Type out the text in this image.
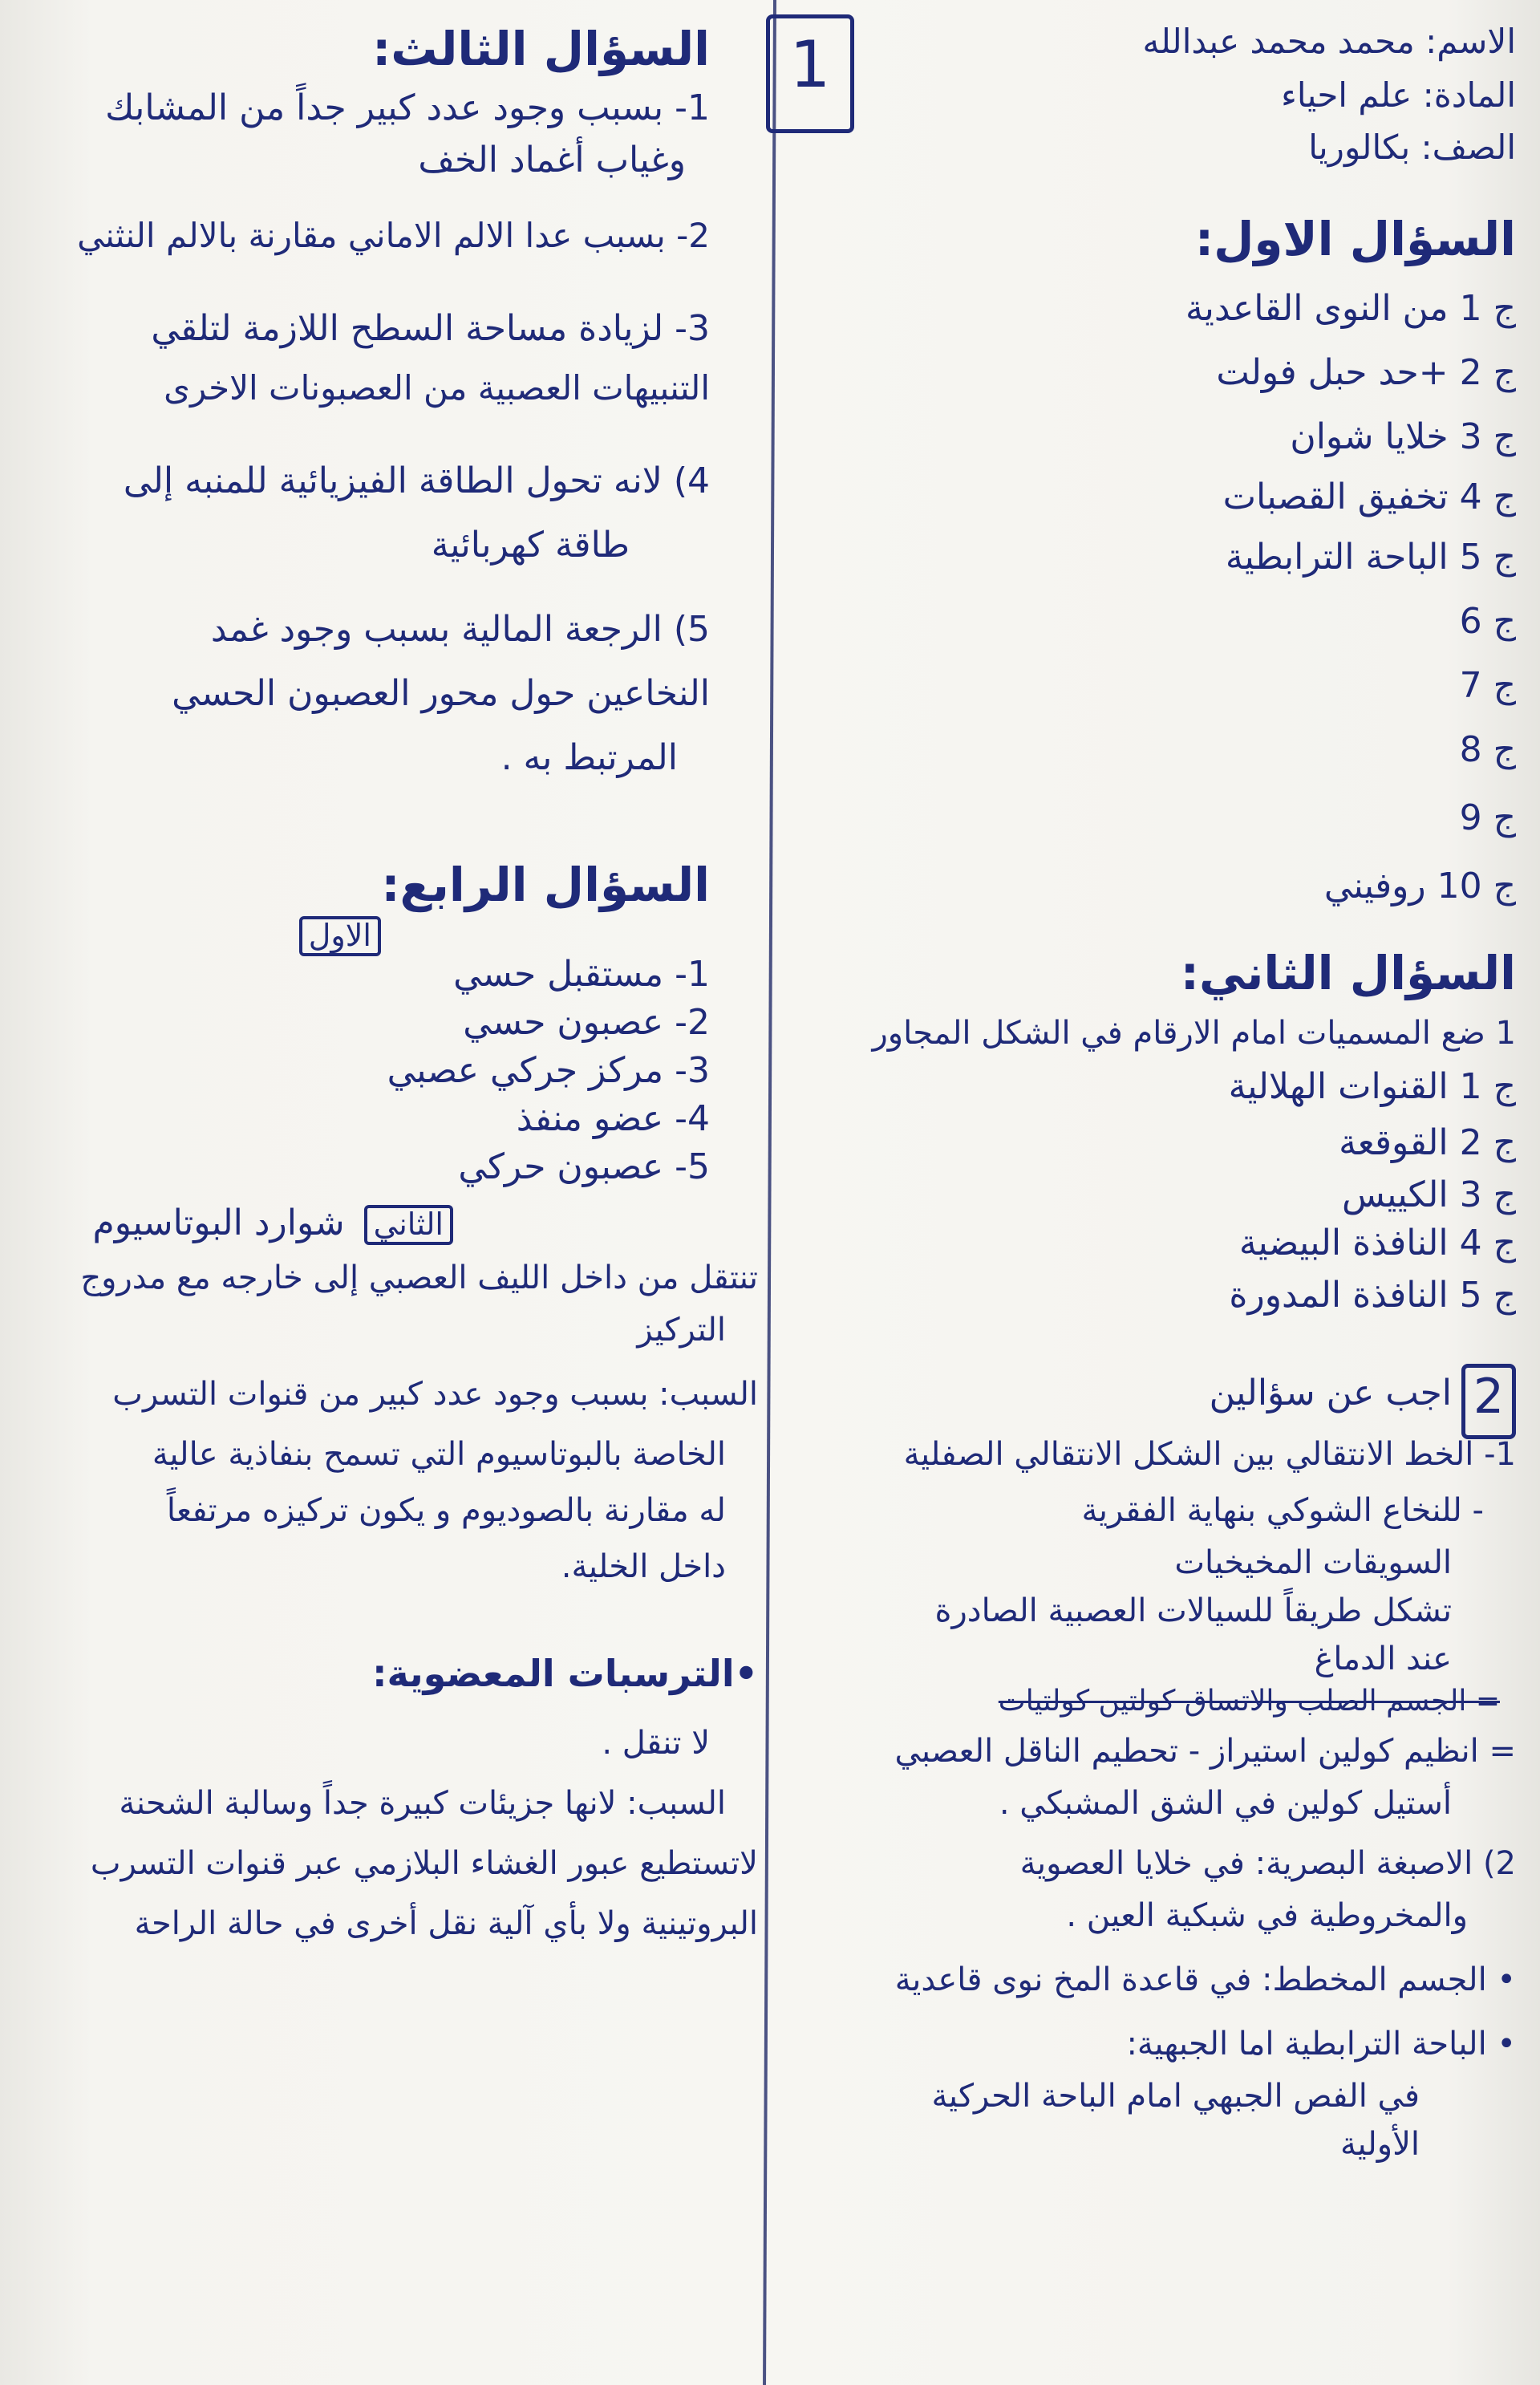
1	الاسم: محمد محمد عبدالله
المادة: علم احياء
الصف: بكالوريا
السؤال الاول:
ج 1 من النوى القاعدية
ج 2 +حد حبل فولت
ج 3 خلايا شوان
ج 4 تخفيق القصبات
ج 5 الباحة الترابطية
ج 6
ج 7
ج 8
ج 9
ج 10 روفيني
السؤال الثاني:
1 ضع المسميات امام الارقام في الشكل المجاور
ج 1 القنوات الهلالية
ج 2 القوقعة
ج 3 الكييس
ج 4 النافذة البيضية
ج 5 النافذة المدورة
2
اجب عن سؤالين
1- الخط الانتقالي بين الشكل الانتقالي الصفلية
- للنخاع الشوكي بنهاية الفقرية
السويقات المخيخيات
تشكل طريقاً للسيالات العصبية الصادرة
عند الدماغ
= الجسم الصلب والاتساق كولتين كولتيات
= انظيم كولين استيراز - تحطيم الناقل العصبي
أستيل كولين في الشق المشبكي .
2) الاصبغة البصرية: في خلايا العصوية
والمخروطية في شبكية العين .
• الجسم المخطط: في قاعدة المخ نوى قاعدية
• الباحة الترابطية اما الجبهية:
في الفص الجبهي امام الباحة الحركية
الأولية
السؤال الثالث:
1- بسبب وجود عدد كبير جداً من المشابك
وغياب أغماد الخف
2- بسبب عدا الالم الاماني مقارنة بالالم النثني
3- لزيادة مساحة السطح اللازمة لتلقي
التنبيهات العصبية من العصبونات الاخرى
4) لانه تحول الطاقة الفيزيائية للمنبه إلى
طاقة كهربائية
5) الرجعة المالية بسبب وجود غمد
النخاعين حول محور العصبون الحسي
المرتبط به .
السؤال الرابع:
الاول
1- مستقبل حسي
2- عصبون حسي
3- مركز جركي عصبي
4- عضو منفذ
5- عصبون حركي
الثاني شوارد البوتاسيوم
تنتقل من داخل الليف العصبي إلى خارجه مع مدروج
التركيز
السبب: بسبب وجود عدد كبير من قنوات التسرب
الخاصة بالبوتاسيوم التي تسمح بنفاذية عالية
له مقارنة بالصوديوم و يكون تركيزه مرتفعاً
داخل الخلية.
•الترسبات المعضوية:
لا تنقل .
السبب: لانها جزيئات كبيرة جداً وسالبة الشحنة
لاتستطيع عبور الغشاء البلازمي عبر قنوات التسرب
البروتينية ولا بأي آلية نقل أخرى في حالة الراحة
